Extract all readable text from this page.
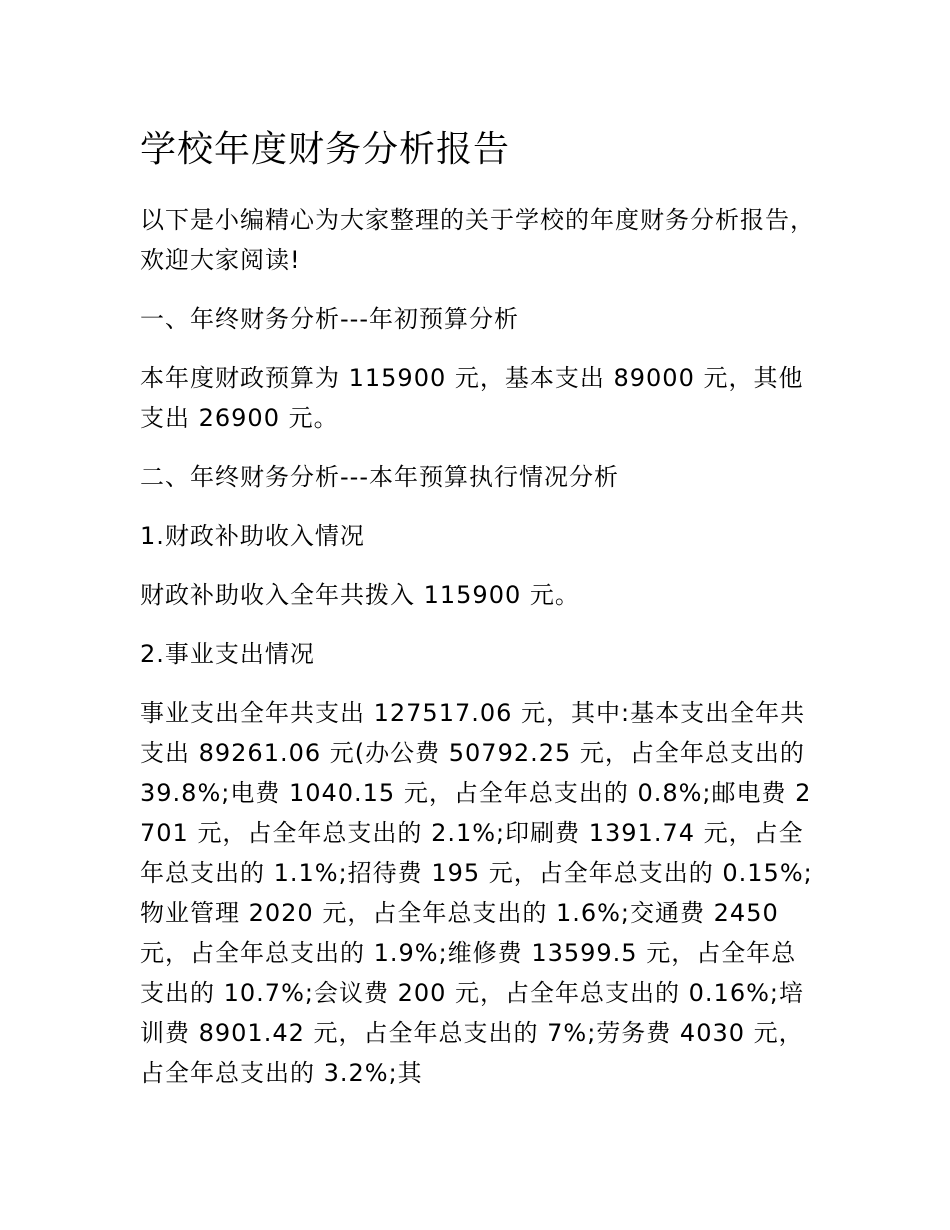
学校年度财务分析报告

以下是小编精心为大家整理的关于学校的年度财务分析报告，欢迎大家阅读!

一、年终财务分析---年初预算分析

本年度财政预算为 115900 元，基本支出 89000 元，其他支出 26900 元。

二、年终财务分析---本年预算执行情况分析

1.财政补助收入情况

财政补助收入全年共拨入 115900 元。

2.事业支出情况

事业支出全年共支出 127517.06 元，其中:基本支出全年共支出 89261.06 元(办公费 50792.25 元，占全年总支出的 39.8%;电费 1040.15 元，占全年总支出的 0.8%;邮电费 2701 元，占全年总支出的 2.1%;印刷费 1391.74 元，占全年总支出的 1.1%;招待费 195 元，占全年总支出的 0.15%;物业管理 2020 元，占全年总支出的 1.6%;交通费 2450 元，占全年总支出的 1.9%;维修费 13599.5 元，占全年总支出的 10.7%;会议费 200 元，占全年总支出的 0.16%;培训费 8901.42 元，占全年总支出的 7%;劳务费 4030 元，占全年总支出的 3.2%;其
